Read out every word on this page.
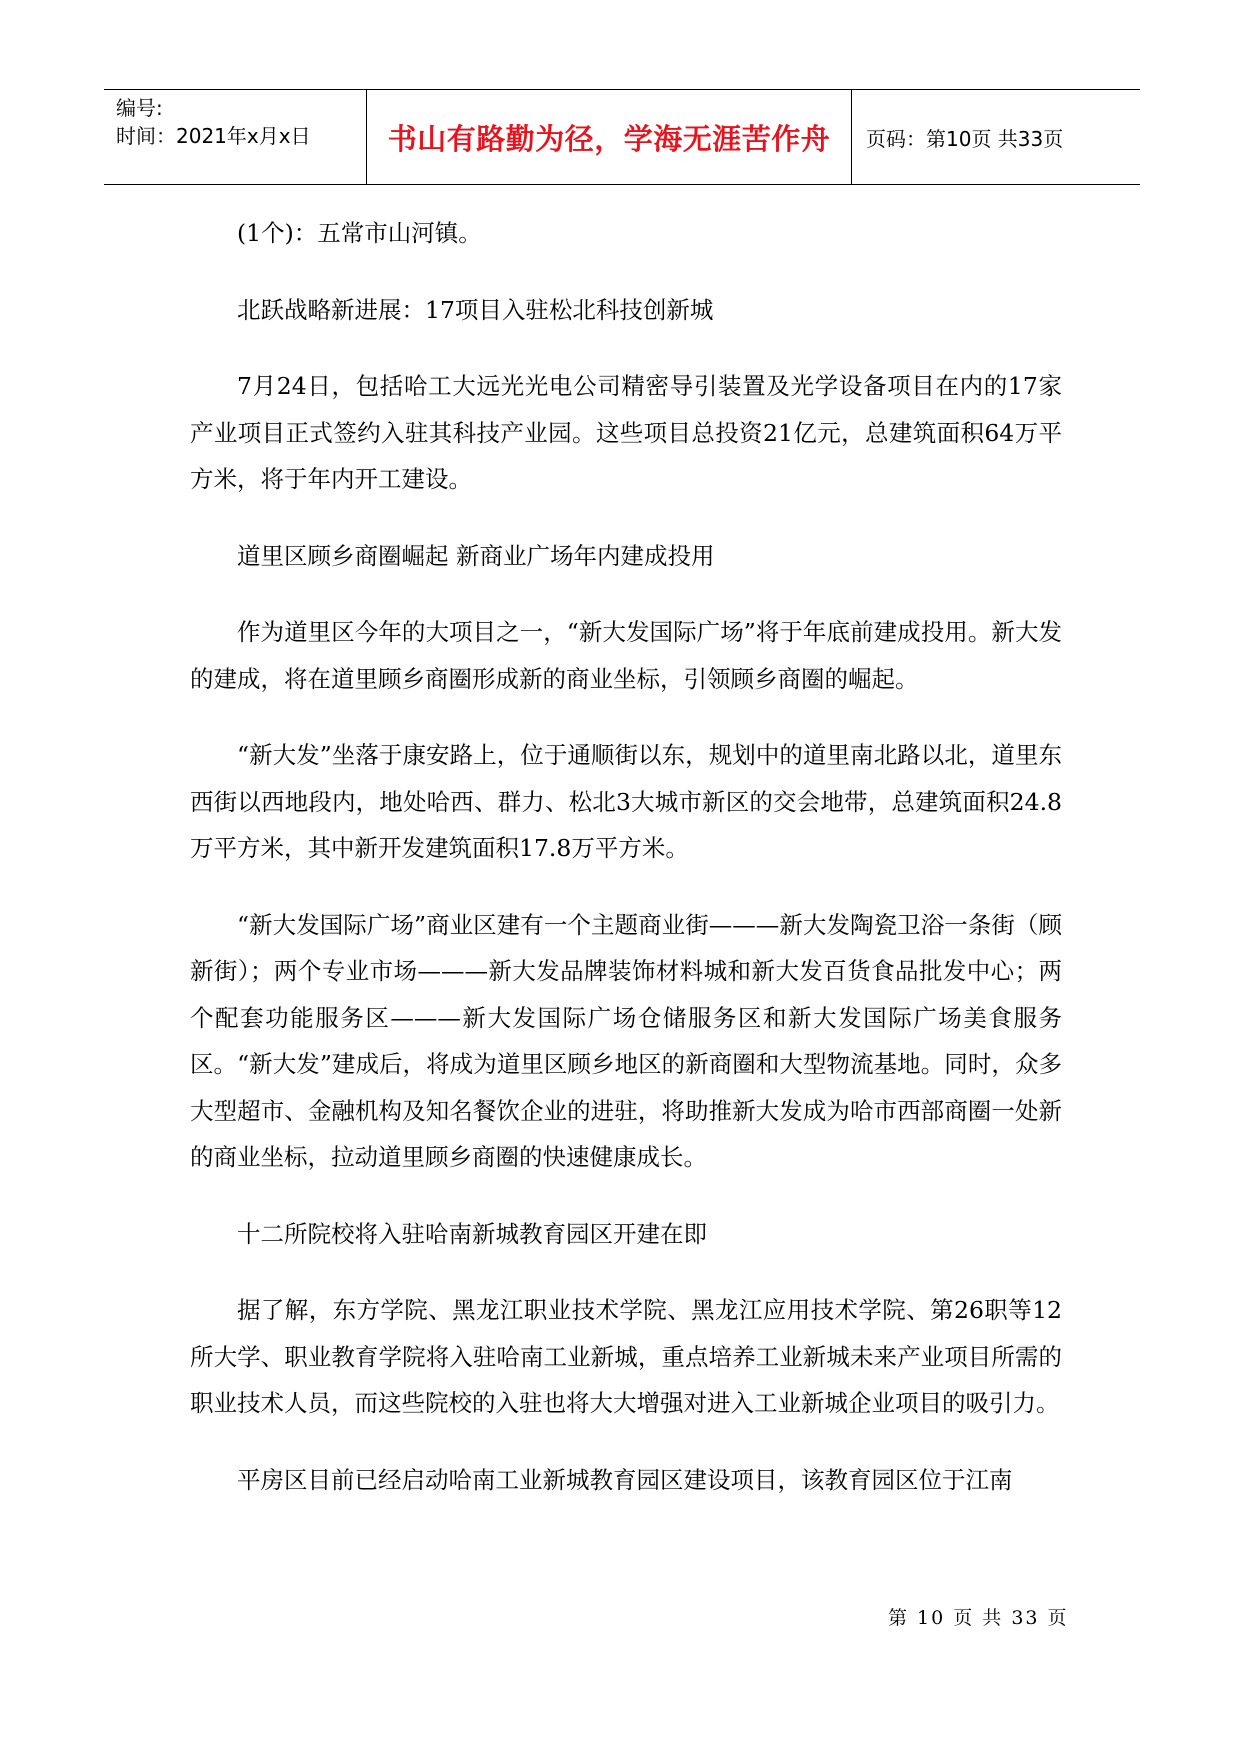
编号:
时间：2021年x月x日	书山有路勤为径，学海无涯苦作舟	页码：第10页 共33页

(1个)：五常市山河镇。

北跃战略新进展：17项目入驻松北科技创新城

7月24日，包括哈工大远光光电公司精密导引装置及光学设备项目在内的17家产业项目正式签约入驻其科技产业园。这些项目总投资21亿元，总建筑面积64万平方米，将于年内开工建设。

道里区顾乡商圈崛起 新商业广场年内建成投用

作为道里区今年的大项目之一，“新大发国际广场”将于年底前建成投用。新大发的建成，将在道里顾乡商圈形成新的商业坐标，引领顾乡商圈的崛起。

“新大发”坐落于康安路上，位于通顺街以东，规划中的道里南北路以北，道里东西街以西地段内，地处哈西、群力、松北3大城市新区的交会地带，总建筑面积24.8万平方米，其中新开发建筑面积17.8万平方米。

“新大发国际广场”商业区建有一个主题商业街———新大发陶瓷卫浴一条街（顾新街）；两个专业市场———新大发品牌装饰材料城和新大发百货食品批发中心；两个配套功能服务区———新大发国际广场仓储服务区和新大发国际广场美食服务区。“新大发”建成后，将成为道里区顾乡地区的新商圈和大型物流基地。同时，众多大型超市、金融机构及知名餐饮企业的进驻，将助推新大发成为哈市西部商圈一处新的商业坐标，拉动道里顾乡商圈的快速健康成长。

十二所院校将入驻哈南新城教育园区开建在即

据了解，东方学院、黑龙江职业技术学院、黑龙江应用技术学院、第26职等12所大学、职业教育学院将入驻哈南工业新城，重点培养工业新城未来产业项目所需的职业技术人员，而这些院校的入驻也将大大增强对进入工业新城企业项目的吸引力。

平房区目前已经启动哈南工业新城教育园区建设项目，该教育园区位于江南

第 10 页 共 33 页
